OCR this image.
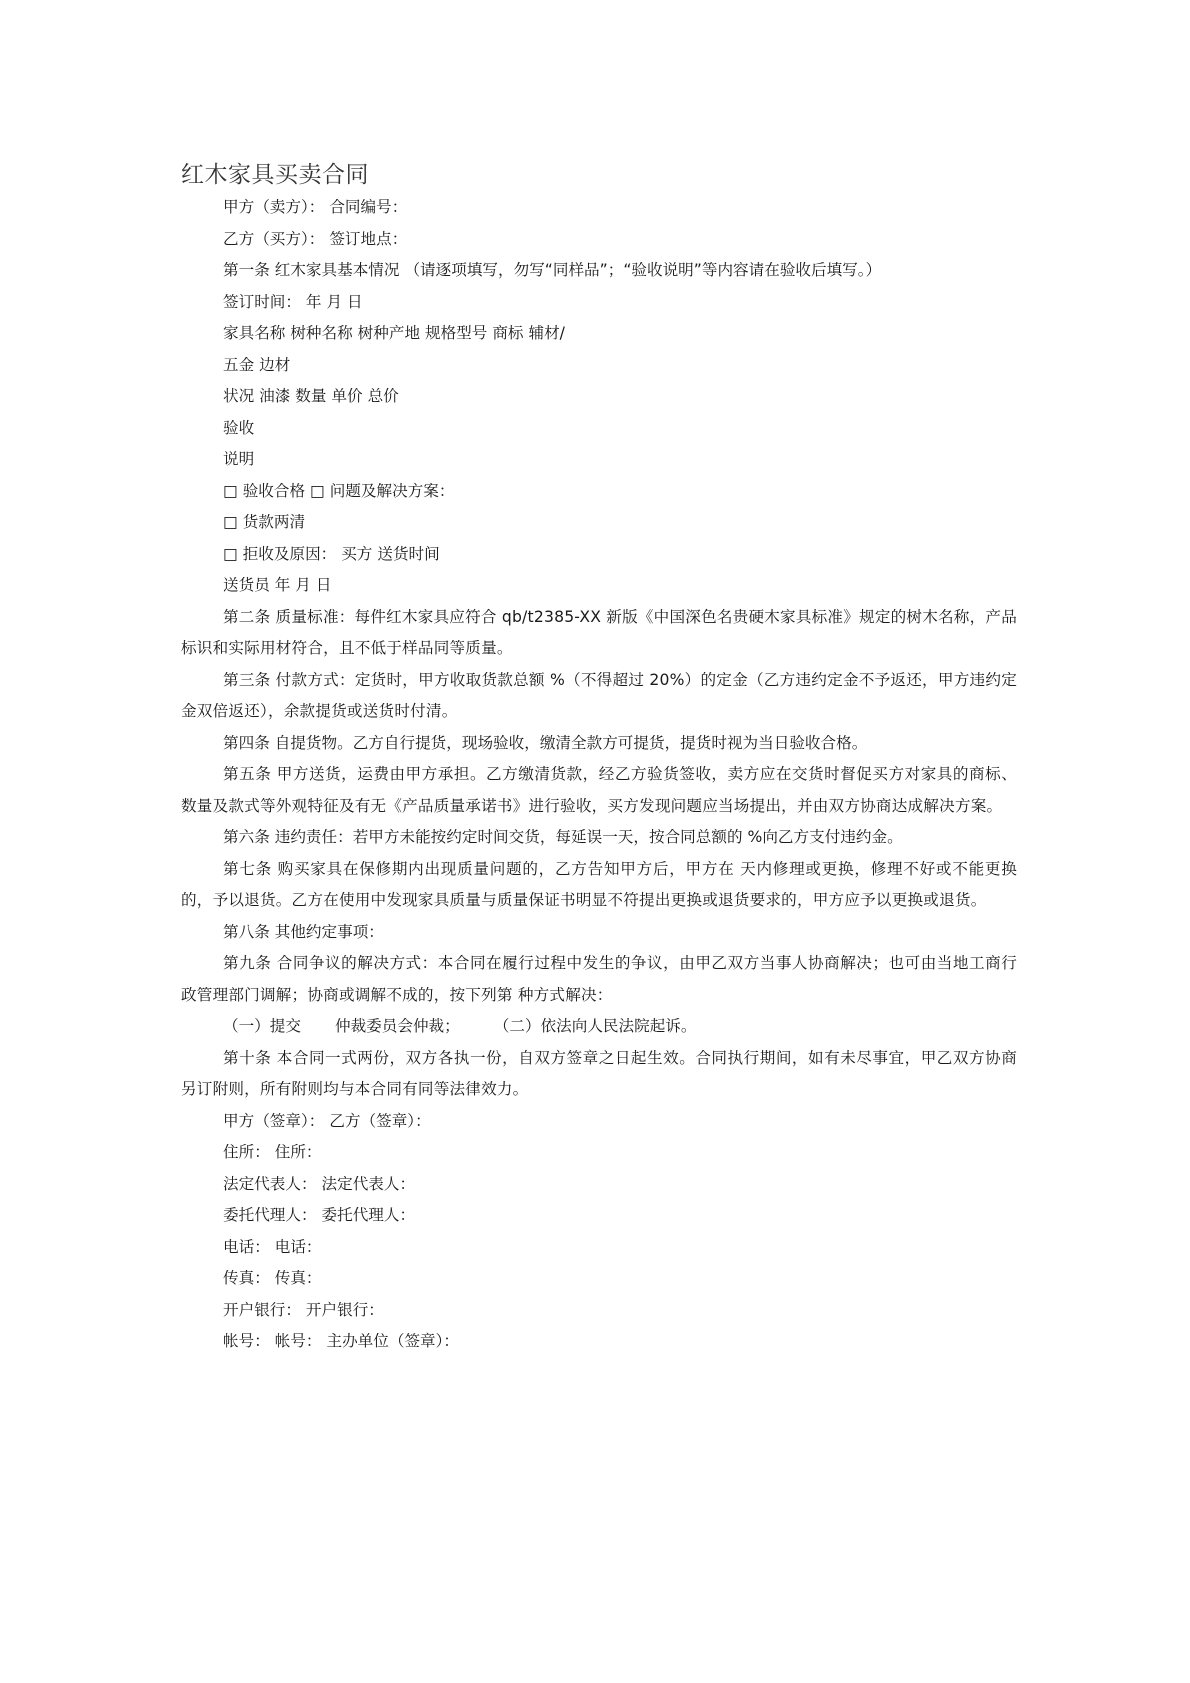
红木家具买卖合同

甲方（卖方）： 合同编号：

乙方（买方）： 签订地点：

第一条 红木家具基本情况 （请逐项填写，勿写“同样品”；“验收说明”等内容请在验收后填写。）

签订时间： 年 月 日

家具名称 树种名称 树种产地 规格型号 商标 辅材/

五金 边材

状况 油漆 数量 单价 总价

验收

说明

□ 验收合格 □ 问题及解决方案：

□ 货款两清

□ 拒收及原因： 买方 送货时间

送货员 年 月 日

第二条 质量标准：每件红木家具应符合 qb/t2385-XX 新版《中国深色名贵硬木家具标准》规定的树木名称，产品标识和实际用材符合，且不低于样品同等质量。

第三条 付款方式：定货时，甲方收取货款总额 %（不得超过 20%）的定金（乙方违约定金不予返还，甲方违约定金双倍返还），余款提货或送货时付清。

第四条 自提货物。乙方自行提货，现场验收，缴清全款方可提货，提货时视为当日验收合格。

第五条 甲方送货，运费由甲方承担。乙方缴清货款，经乙方验货签收，卖方应在交货时督促买方对家具的商标、数量及款式等外观特征及有无《产品质量承诺书》进行验收，买方发现问题应当场提出，并由双方协商达成解决方案。

第六条 违约责任：若甲方未能按约定时间交货，每延误一天，按合同总额的 %向乙方支付违约金。

第七条 购买家具在保修期内出现质量问题的，乙方告知甲方后，甲方在 天内修理或更换，修理不好或不能更换的，予以退货。乙方在使用中发现家具质量与质量保证书明显不符提出更换或退货要求的，甲方应予以更换或退货。

第八条 其他约定事项：

第九条 合同争议的解决方式：本合同在履行过程中发生的争议，由甲乙双方当事人协商解决；也可由当地工商行政管理部门调解；协商或调解不成的，按下列第 种方式解决：

（一）提交 仲裁委员会仲裁； （二）依法向人民法院起诉。

第十条 本合同一式两份，双方各执一份，自双方签章之日起生效。合同执行期间，如有未尽事宜，甲乙双方协商另订附则，所有附则均与本合同有同等法律效力。

甲方（签章）： 乙方（签章）：

住所： 住所：

法定代表人： 法定代表人：

委托代理人： 委托代理人：

电话： 电话：

传真： 传真：

开户银行： 开户银行：

帐号： 帐号： 主办单位（签章）：
